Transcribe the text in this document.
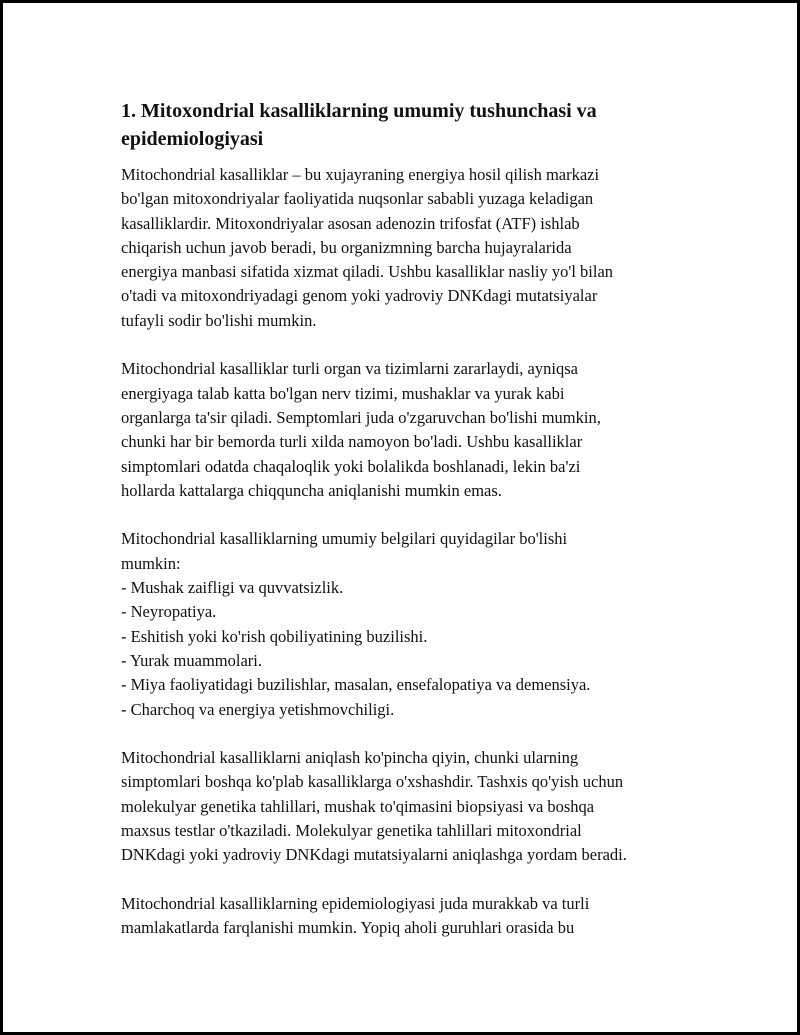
1. Mitoxondrial kasalliklarning umumiy tushunchasi va
epidemiologiyasi

Mitochondrial kasalliklar – bu xujayraning energiya hosil qilish markazi
bo'lgan mitoxondriyalar faoliyatida nuqsonlar sababli yuzaga keladigan
kasalliklardir. Mitoxondriyalar asosan adenozin trifosfat (ATF) ishlab
chiqarish uchun javob beradi, bu organizmning barcha hujayralarida
energiya manbasi sifatida xizmat qiladi. Ushbu kasalliklar nasliy yo'l bilan
o'tadi va mitoxondriyadagi genom yoki yadroviy DNKdagi mutatsiyalar
tufayli sodir bo'lishi mumkin.

Mitochondrial kasalliklar turli organ va tizimlarni zararlaydi, ayniqsa
energiyaga talab katta bo'lgan nerv tizimi, mushaklar va yurak kabi
organlarga ta'sir qiladi. Semptomlari juda o'zgaruvchan bo'lishi mumkin,
chunki har bir bemorda turli xilda namoyon bo'ladi. Ushbu kasalliklar
simptomlari odatda chaqaloqlik yoki bolalikda boshlanadi, lekin ba'zi
hollarda kattalarga chiqquncha aniqlanishi mumkin emas.

Mitochondrial kasalliklarning umumiy belgilari quyidagilar bo'lishi
mumkin:
- Mushak zaifligi va quvvatsizlik.
- Neyropatiya.
- Eshitish yoki ko'rish qobiliyatining buzilishi.
- Yurak muammolari.
- Miya faoliyatidagi buzilishlar, masalan, ensefalopatiya va demensiya.
- Charchoq va energiya yetishmovchiligi.

Mitochondrial kasalliklarni aniqlash ko'pincha qiyin, chunki ularning
simptomlari boshqa ko'plab kasalliklarga o'xshashdir. Tashxis qo'yish uchun
molekulyar genetika tahlillari, mushak to'qimasini biopsiyasi va boshqa
maxsus testlar o'tkaziladi. Molekulyar genetika tahlillari mitoxondrial
DNKdagi yoki yadroviy DNKdagi mutatsiyalarni aniqlashga yordam beradi.

Mitochondrial kasalliklarning epidemiologiyasi juda murakkab va turli
mamlakatlarda farqlanishi mumkin. Yopiq aholi guruhlari orasida bu
